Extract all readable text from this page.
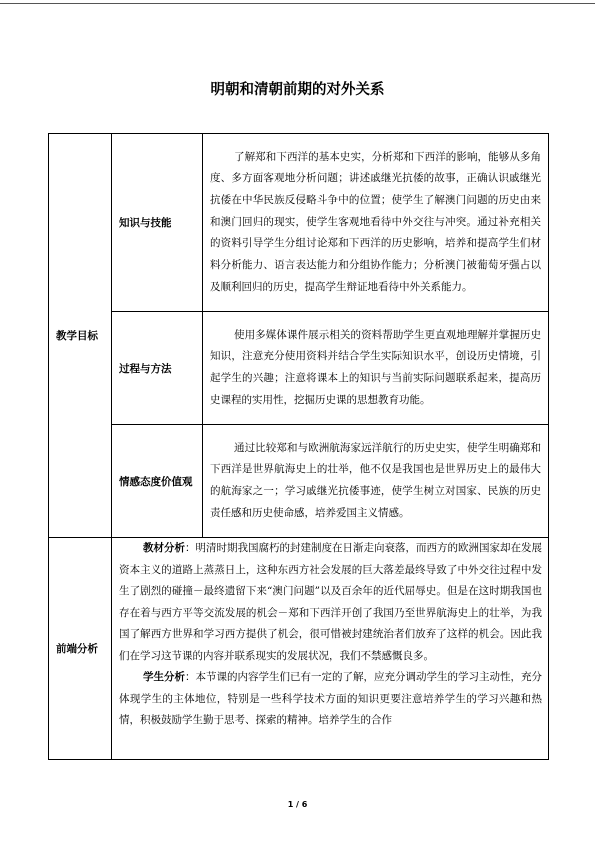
明朝和清朝前期的对外关系
教学目标	知识与技能	了解郑和下西洋的基本史实，分析郑和下西洋的影响，能够从多角度、多方面客观地分析问题；讲述戚继光抗倭的故事，正确认识戚继光抗倭在中华民族反侵略斗争中的位置；使学生了解澳门问题的历史由来和澳门回归的现实，使学生客观地看待中外交往与冲突。通过补充相关的资料引导学生分组讨论郑和下西洋的历史影响，培养和提高学生们材料分析能力、语言表达能力和分组协作能力；分析澳门被葡萄牙强占以及顺利回归的历史，提高学生辩证地看待中外关系能力。

	过程与方法	使用多媒体课件展示相关的资料帮助学生更直观地理解并掌握历史知识，注意充分使用资料并结合学生实际知识水平，创设历史情境，引起学生的兴趣；注意将课本上的知识与当前实际问题联系起来，提高历史课程的实用性，挖掘历史课的思想教育功能。

	情感态度价值观	通过比较郑和与欧洲航海家远洋航行的历史史实，使学生明确郑和下西洋是世界航海史上的壮举，他不仅是我国也是世界历史上的最伟大的航海家之一；学习戚继光抗倭事迹，使学生树立对国家、民族的历史责任感和历史使命感，培养爱国主义情感。

前端分析	教材分析：明清时期我国腐朽的封建制度在日渐走向衰落，而西方的欧洲国家却在发展资本主义的道路上蒸蒸日上，这种东西方社会发展的巨大落差最终导致了中外交往过程中发生了剧烈的碰撞－最终遗留下来“澳门问题”以及百余年的近代屈辱史。但是在这时期我国也存在着与西方平等交流发展的机会－郑和下西洋开创了我国乃至世界航海史上的壮举，为我国了解西方世界和学习西方提供了机会，很可惜被封建统治者们放弃了这样的机会。因此我们在学习这节课的内容并联系现实的发展状况，我们不禁感慨良多。

学生分析：本节课的内容学生们已有一定的了解，应充分调动学生的学习主动性，充分体现学生的主体地位，特别是一些科学技术方面的知识更要注意培养学生的学习兴趣和热情，积极鼓励学生勤于思考、探索的精神。培养学生的合作	

1 / 6
